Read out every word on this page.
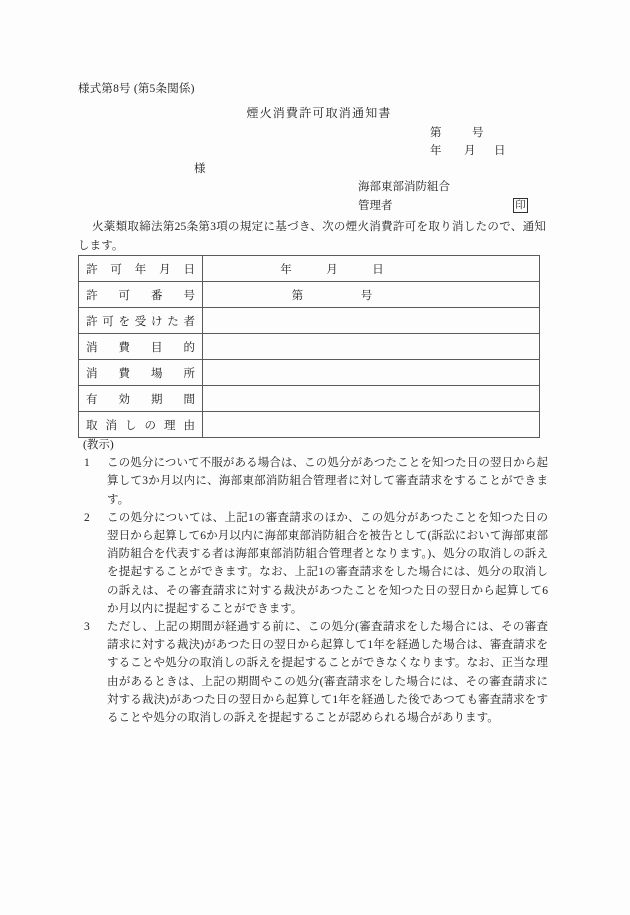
様式第8号 (第5条関係)
煙火消費許可取消通知書
第	号
年 月 日
様
海部東部消防組合
管理者	印
火薬類取締法第25条第3項の規定に基づき、次の煙火消費許可を取り消したので、通知します。
許可年月日	年　　　月　　　日

許可番号	第　　　　　号

許可を受けた者	

消費目的	

消費場所	

有効期間	

取消しの理由	
(教示)
1	この処分について不服がある場合は、この処分があつたことを知つた日の翌日から起算して3か月以内に、海部東部消防組合管理者に対して審査請求をすることができます。
2	この処分については、上記1の審査請求のほか、この処分があつたことを知つた日の翌日から起算して6か月以内に海部東部消防組合を被告として(訴訟において海部東部消防組合を代表する者は海部東部消防組合管理者となります。)、処分の取消しの訴えを提起することができます。なお、上記1の審査請求をした場合には、処分の取消しの訴えは、その審査請求に対する裁決があつたことを知つた日の翌日から起算して6か月以内に提起することができます。
3	ただし、上記の期間が経過する前に、この処分(審査請求をした場合には、その審査請求に対する裁決)があつた日の翌日から起算して1年を経過した場合は、審査請求をすることや処分の取消しの訴えを提起することができなくなります。なお、正当な理由があるときは、上記の期間やこの処分(審査請求をした場合には、その審査請求に対する裁決)があつた日の翌日から起算して1年を経過した後であつても審査請求をすることや処分の取消しの訴えを提起することが認められる場合があります。
